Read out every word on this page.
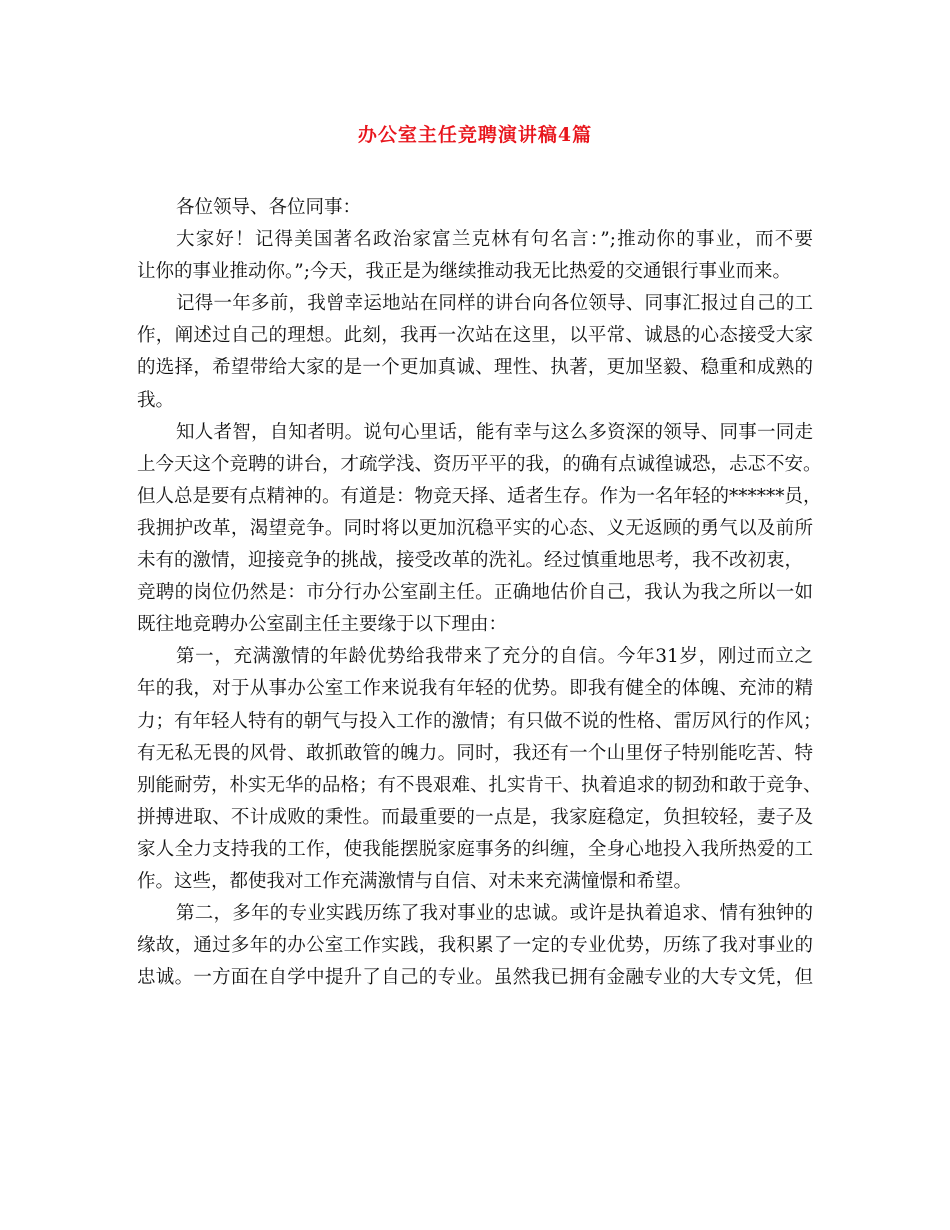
办公室主任竞聘演讲稿4篇
各位领导、各位同事：
大家好！记得美国著名政治家富兰克林有句名言：”;推动你的事业，而不要
让你的事业推动你。”;今天，我正是为继续推动我无比热爱的交通银行事业而来。
记得一年多前，我曾幸运地站在同样的讲台向各位领导、同事汇报过自己的工
作，阐述过自己的理想。此刻，我再一次站在这里，以平常、诚恳的心态接受大家
的选择，希望带给大家的是一个更加真诚、理性、执著，更加坚毅、稳重和成熟的
我。
知人者智，自知者明。说句心里话，能有幸与这么多资深的领导、同事一同走
上今天这个竞聘的讲台，才疏学浅、资历平平的我，的确有点诚徨诚恐，忐忑不安。
但人总是要有点精神的。有道是：物竞天择、适者生存。作为一名年轻的******员，
我拥护改革，渴望竞争。同时将以更加沉稳平实的心态、义无返顾的勇气以及前所
未有的激情，迎接竞争的挑战，接受改革的洗礼。经过慎重地思考，我不改初衷，
竞聘的岗位仍然是：市分行办公室副主任。正确地估价自己，我认为我之所以一如
既往地竞聘办公室副主任主要缘于以下理由：
第一，充满激情的年龄优势给我带来了充分的自信。今年31岁，刚过而立之
年的我，对于从事办公室工作来说我有年轻的优势。即我有健全的体魄、充沛的精
力；有年轻人特有的朝气与投入工作的激情；有只做不说的性格、雷厉风行的作风；
有无私无畏的风骨、敢抓敢管的魄力。同时，我还有一个山里伢子特别能吃苦、特
别能耐劳，朴实无华的品格；有不畏艰难、扎实肯干、执着追求的韧劲和敢于竞争、
拼搏进取、不计成败的秉性。而最重要的一点是，我家庭稳定，负担较轻，妻子及
家人全力支持我的工作，使我能摆脱家庭事务的纠缠，全身心地投入我所热爱的工
作。这些，都使我对工作充满激情与自信、对未来充满憧憬和希望。
第二，多年的专业实践历练了我对事业的忠诚。或许是执着追求、情有独钟的
缘故，通过多年的办公室工作实践，我积累了一定的专业优势，历练了我对事业的
忠诚。一方面在自学中提升了自己的专业。虽然我已拥有金融专业的大专文凭，但
